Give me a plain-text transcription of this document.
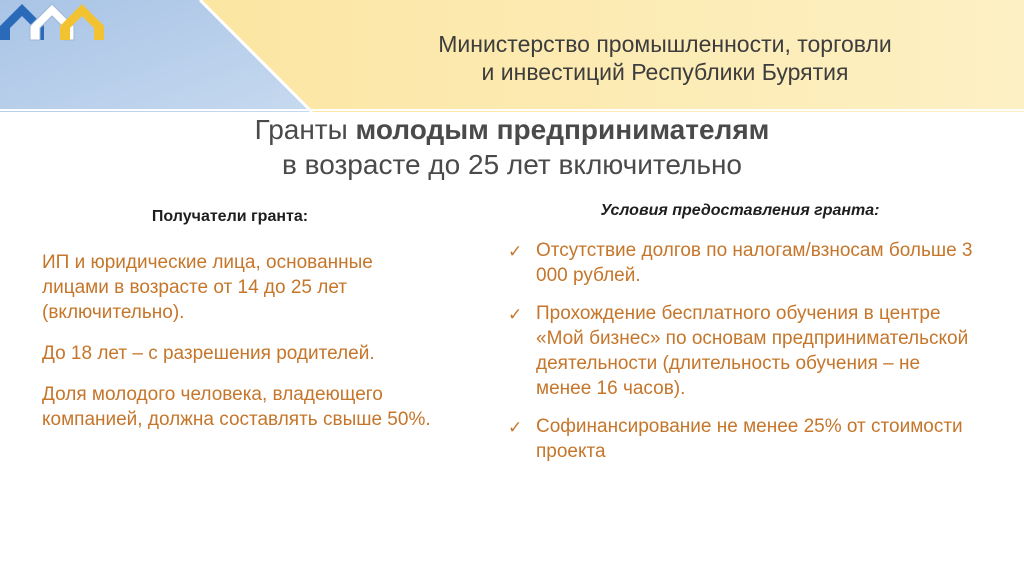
Министерство промышленности, торговли
и инвестиций Республики Бурятия
Гранты молодым предпринимателям
в возрасте до 25 лет включительно
Получатели гранта:	Условия предоставления гранта:

ИП и юридические лица, основанные лицами в возрасте от 14 до 25 лет (включительно).

До 18 лет – с разрешения родителей.

Доля молодого человека, владеющего компанией, должна составлять свыше 50%.

✓ Отсутствие долгов по налогам/взносам больше 3 000 рублей.
✓ Прохождение бесплатного обучения в центре «Мой бизнес» по основам предпринимательской деятельности (длительность обучения – не менее 16 часов).
✓ Софинансирование не менее 25% от стоимости проекта
